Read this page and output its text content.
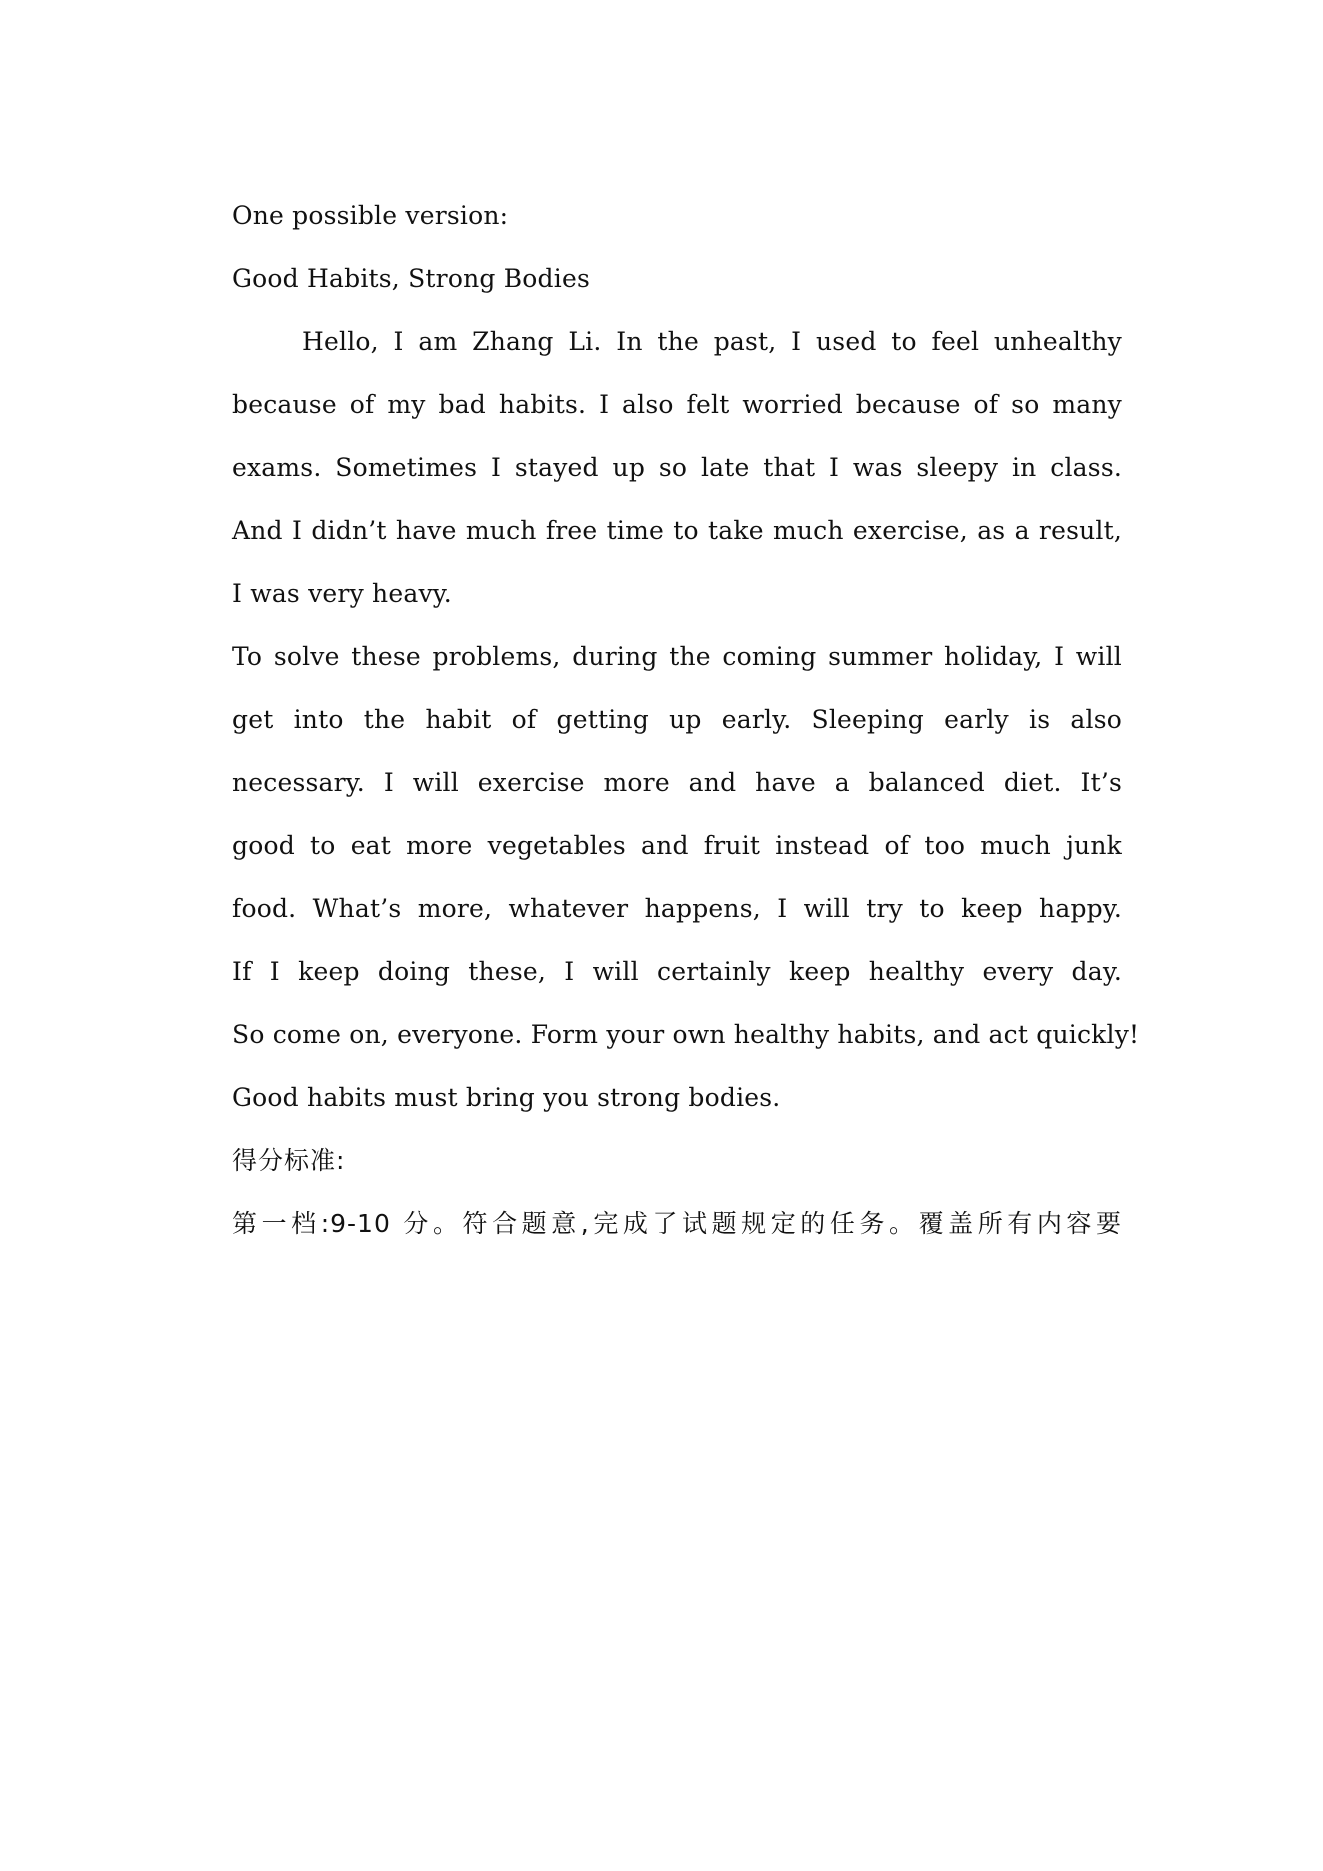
One possible version:
Good Habits, Strong Bodies
Hello, I am Zhang Li. In the past, I used to feel unhealthy
because of my bad habits. I also felt worried because of so many
exams. Sometimes I stayed up so late that I was sleepy in class.
And I didn’t have much free time to take much exercise, as a result,
I was very heavy.
To solve these problems, during the coming summer holiday, I will
get into the habit of getting up early. Sleeping early is also
necessary. I will exercise more and have a balanced diet. It’s
good to eat more vegetables and fruit instead of too much junk
food. What’s more, whatever happens, I will try to keep happy.
If I keep doing these, I will certainly keep healthy every day.
So come on, everyone. Form your own healthy habits, and act quickly!
Good habits must bring you strong bodies.
得分标准:
第一档:9-10 分。符合题意,完成了试题规定的任务。覆盖所有内容要
